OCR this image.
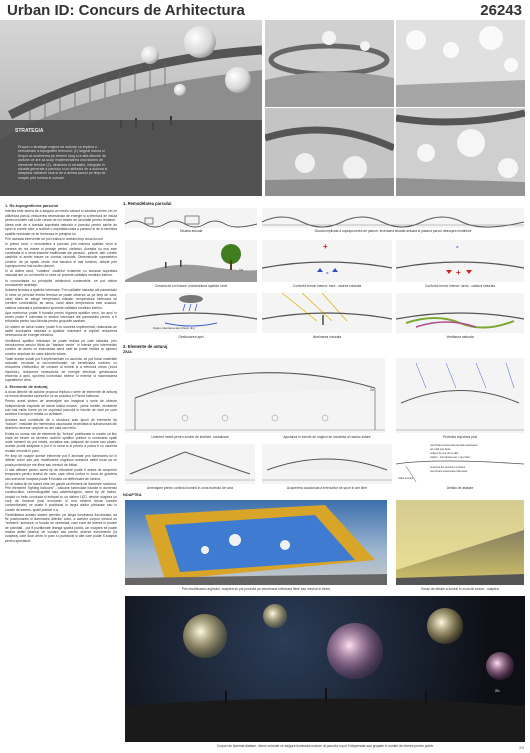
Urban ID: Concurs de Arhitectura	26243
STRATEGIA
Propun o strategie majora de actiune ca implica o remodelare a topografiei terenului: (1) largeal natura si timpul ca sustinerea pe termen lung si a alta directie de actiune ce are ca scop implementarea unui sistem de elemente tehnice (2), dinamice si versatile, integrate in situatia generala a parcului si cu atributia de a actiona si adapta/a vizitatorii ziua si de a anima parcul pe timp de noapte prin lumina si culoare.

1. Re-topografierea parcului

Intentia este aceea de a asigura un mediu variant si sanatos pentru cei ce utilizeaza parcul, reducerea necesarului de energie si a efectului de insula pentru insulele cali si de creare de noi trasee de circulatie pentru vizitatori.

Ideea este de a transita suprafata naturala a parcului pentru sahile de sport si zonele cale, a sustine o suprafata reala a parcului si de a minimiza spatiile reziduale ce se formeaza in preajma lui.

Prin aceasta interventie se pot realiza in acelasi timp doua lucruri.

In primul rand, o remodelare a parcului prin marirea spatiilor verzi si crearea de noi trasee si peisaje pentru vizitatori. Aceasta nu mai este constituita in a urma traseele traditionale ale parcului - peluze, alei, zonele cladirilor si acelei trasee ce conduc circulatii. Dimensiunile suprafetelor zonelor: de pe spatiu verde, mai sanatos si mai luminos, oblizat prin suprapunerea mai multor planuri.

In al doilea rand, "cutatiea" cladirilor existente cu aceasta suprafata naturala are un rol benefic in ceea ce priveste calitatea mediului interior.

In concordanta cu principiile arhitecturii sustenabile, se pot obtine urmatoarele avantaje:

Izolarea termica a spatiilor interioare. Prin calitatile naturale ale pamantului in ceea ce priveste inertia termica se poate observa ca pe timp de vara, cand afara se atinge temperaturi ridicate, temperatura interioara se mentine confortabila; iar iarna, cand afara temperatura este scazuta, caldura naturala a pamantului sporeste calitatea mediului interior.

Apa meteorica poate fi folosita pentru irigarea spatiilor verzi, iar apoi in exces poate fi colectata in straturi interioare ale pamantului pentru a fi refolosita pentru sau folosita pentru grupurile sanitare.

Un sistem de tuburi solare, poate fi cu usurinta implementat, realizandu-se astfel iluminarea naturala a spatiilor interioare si implicit reducerea necesarului de energie electrica.

Ventilarea spatiilor interioare se poate realiza pe cale naturala, prin introducerea aerului filtrat de "barlane verde" in interior prin intermediul zonelor de acces ce evacueaza aerul uzat se poate realiza cu ajutorul zonelor deschise de catre tuburile solare.

Toate aceste solutii pot fi implementate cu usurinta, se pot folosi materiale naturale, reciclate si neconventionale; se beneficiaza conform cu reducerea cheltuielilor de consum al luminii si a efectului urban (zona insulelor), reducerea necesarului de energie electrica, gestionarea eficienta a apei, sporirea confortului interior si exterior si maximizarea suprafetelor verzi.

2. Elemente de anturaj

A doua directie de actiune propusa implica o serie de elemente de anturaj ce evoca dinamica sporturilor ce se practica in Parcul National.

Pentru acest sistem de amenajare am imaginat o serie de obiecte independente inspirate de latura ludica umana - piese mobile, rezistente sub mai multe forme pe tot cuprinsul parcului in functie de nivel pe care acestea il ocupa in relatia cu vizitatorii.

Acestea sunt constituite de o structura auto tipurii de elemente tip "baloon", realizate din membrana cauciucata necesitata si substructura din aluminiu necesar umplute cu aer cald sau heliu.

Exista un numar mic de elemente tip "forfura" pozitionate in zonele cu flux mare de treceri ce servesc umbririi spatiilor publice si conturand spatii unde oamenii se pot intalni, socializa sau adaposti de soare sau ploaie. Aceste pozitii adaptate o pot fi in urma si si pentru a putea fi cu usurinta mutate oriunde in parc.

Pe timp de noapte aceste elemente pot fi animate prin iluminarea lor in diferite culori sau prin modificarea unghiului acestora astfel incat sa se poata proiecta pe ele filme sau meciuri de fotbal.

O alta utilizare pentru acest tip de elemente poate fi aceea de acoperire temporara pentru teatrul de vara, care ofera umbra in zona de gradena sau scena iar noaptea poate fi folosita ca deflectoare de lumina.

Un al doilea tip de baloni este cel gandit ca element de iluminare nocturna. Prin elemente "lighting balloons" - baloane luminoase folosite in domeniul constructiilor, cinematografiei sau advertisingului, acest tip de baloni, umplut cu heliu conducta si echipat cu un sistem LED, devine noaptea un corp de iluminat (mai economic si mai eficient decat sursele conventionale) ce poate fi pozitionat in largul aleilor pietonale sau in zonele de interes, spatii publice s.a.

Flexibilitatea acestui sistem permite, pe langa iluminarea functionala, sa fie pozitionarea si iluminarea diferita, color, a acestor corpuri creand un "ambient" acestora, in functie de necesitati, care zone de interes in functie de activitati - pot fi pozitionate tiranga spatiul public, iar noaptea se poate realiza astfel (teama) de culoare sau pentru diverse evenimente (la noaptea) care doar devin in parc si pozitionat si alte care poate fi adaptat pentru spectatori.

1. Remodelarea parcului
Situatia actuala	Scoala implicata a suprapunerea de planuri, inversand situatia actuala si pasand parcul deasupra imobilelor
1a
Crearea de noi trasee, maximizarea spatiilor verzi
+
-
Confortul termic interior: vara - racirea naturala
-
+
Confortul termic interior: iarna - caldura naturala
irigare colectarea apei (beton din)
Gestionarea apei	Iluminarea naturala	Ventilarea naturala
2. Elemente de anturaj
ZIUA
2a
Umbrirel mobili pentru zonele de intalnire, socializare	Ajustarea in functie de unghiul de incidenta al razelor solare	Protectia impotriva ploii
Amenajare pentru controlul luminii in zona teatrului de vara	Acoperirea ocazionala a terenurilor de sport in aer liber
membrana cauciucata armata superioara
aer cald sau heliu
vedere de sus de la LED
cabluri - introducere aer / sau heliu
structura din aluminiu rezistent
membrana cauciucata inferioara
cablu ancora
Detaliu de atasare
NOAPTEA
Prin modificarea unghiului, noaptea se pot proiecta pe membrana inferioara filme sau meciuri in direct	Ecran de difuzie a luminii in zona de scena - noaptea
2b
Corpuri de iluminat diafane, divers colorate ce asigura iluminatul nocturn al parcului si pot fi dispersate sau grupate in zonele de interes pentru public	2/3
